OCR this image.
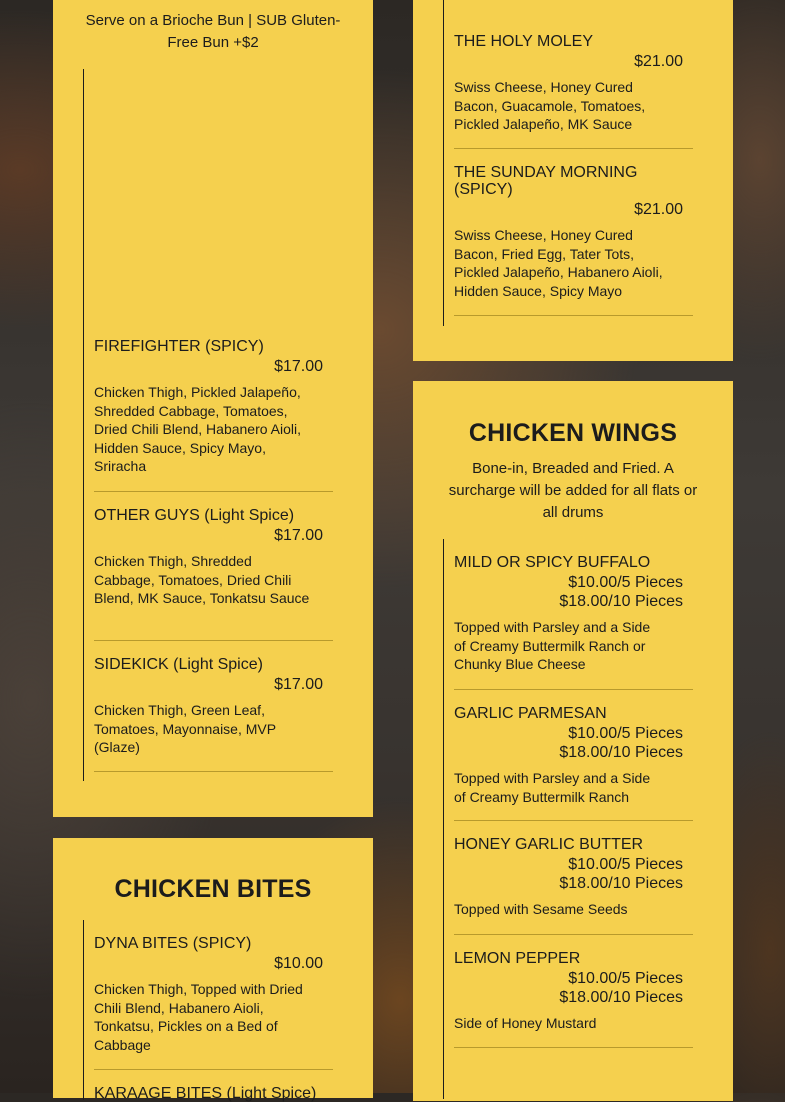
Serve on a Brioche Bun | SUB Gluten-Free Bun +$2
FIREFIGHTER (SPICY)
$17.00
Chicken Thigh, Pickled Jalapeño, Shredded Cabbage, Tomatoes, Dried Chili Blend, Habanero Aioli, Hidden Sauce, Spicy Mayo, Sriracha
OTHER GUYS (Light Spice)
$17.00
Chicken Thigh, Shredded Cabbage, Tomatoes, Dried Chili Blend, MK Sauce, Tonkatsu Sauce
SIDEKICK (Light Spice)
$17.00
Chicken Thigh, Green Leaf, Tomatoes, Mayonnaise, MVP (Glaze)
CHICKEN BITES
DYNA BITES (SPICY)
$10.00
Chicken Thigh, Topped with Dried Chili Blend, Habanero Aioli, Tonkatsu, Pickles on a Bed of Cabbage
KARAAGE BITES (Light Spice)
THE HOLY MOLEY
$21.00
Swiss Cheese, Honey Cured Bacon, Guacamole, Tomatoes, Pickled Jalapeño, MK Sauce
THE SUNDAY MORNING (SPICY)
$21.00
Swiss Cheese, Honey Cured Bacon, Fried Egg, Tater Tots, Pickled Jalapeño, Habanero Aioli, Hidden Sauce, Spicy Mayo
CHICKEN WINGS
Bone-in, Breaded and Fried. A surcharge will be added for all flats or all drums
MILD OR SPICY BUFFALO
$10.00/5 Pieces
$18.00/10 Pieces
Topped with Parsley and a Side of Creamy Buttermilk Ranch or Chunky Blue Cheese
GARLIC PARMESAN
$10.00/5 Pieces
$18.00/10 Pieces
Topped with Parsley and a Side of Creamy Buttermilk Ranch
HONEY GARLIC BUTTER
$10.00/5 Pieces
$18.00/10 Pieces
Topped with Sesame Seeds
LEMON PEPPER
$10.00/5 Pieces
$18.00/10 Pieces
Side of Honey Mustard
